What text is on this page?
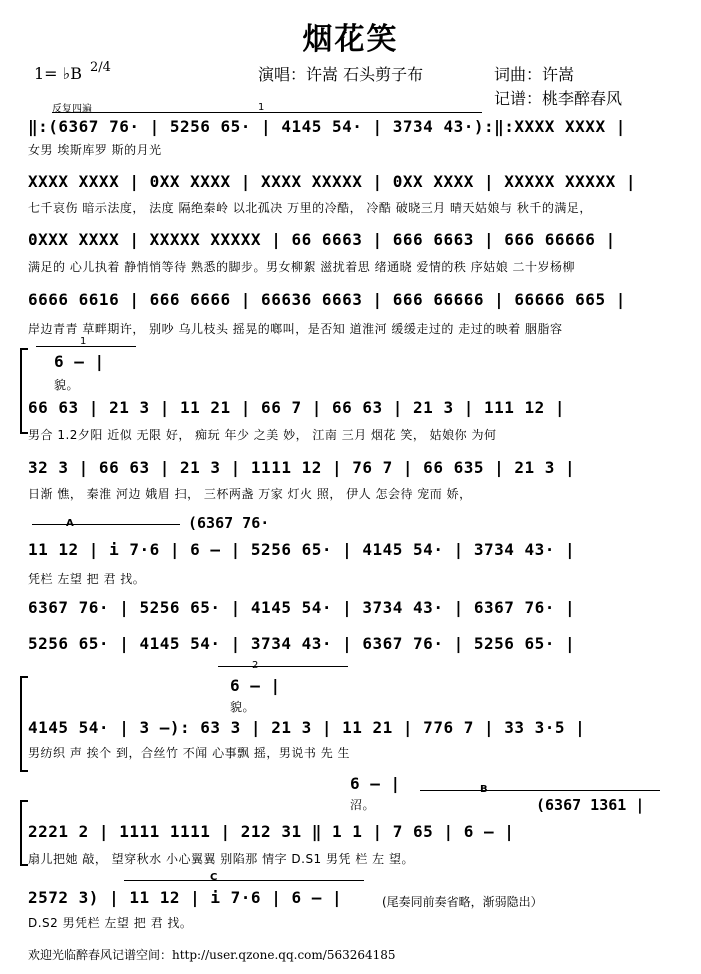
烟花笑
1= ♭B 2/4	演唱：许嵩 石头剪子布	词曲：许嵩
记谱：桃李醉春风
反复四遍	1
‖:(6367 76· | 5256 65· | 4145 54· | 3734 43·):‖:XXXX XXXX |
女男 埃斯库罗 斯的月光
XXXX XXXX | 0XX XXXX | XXXX XXXXX | 0XX XXXX | XXXXX XXXXX |
七千哀伤 暗示法度， 法度 隔绝秦岭 以北孤决 万里的冷酷， 冷酷 破晓三月 晴天姑娘与 秋千的满足，
0XXX XXXX | XXXXX XXXXX | 66 6663 | 666 6663 | 666 66666 |
满足的 心儿执着 静悄悄等待 熟悉的脚步。男女柳絮 滋扰着思 绪通晓 爱情的秩 序姑娘 二十岁杨柳
6666 6616 | 666 6666 | 66636 6663 | 666 66666 | 66666 665 |
岸边青青 草畔期许， 别吵 乌儿枝头 摇晃的啷叫，是否知 道淮河 缓缓走过的 走过的映着 胭脂容
1
6 – |
貌。
66 63 | 21 3 | 11 21 | 66 7 | 66 63 | 21 3 | 111 12 |
男合 1.2夕阳 近似 无限 好， 痴玩 年少 之美 妙， 江南 三月 烟花 笑， 姑娘你 为何
32 3 | 66 63 | 21 3 | 1111 12 | 76 7 | 66 635 | 21 3 |
日渐 憔， 秦淮 河边 娥眉 扫， 三杯两盏 万家 灯火 照， 伊人 怎会待 宠而 娇，
A	(6367 76·
11 12 | i 7·6 | 6 – | 5256 65· | 4145 54· | 3734 43· |
凭栏 左望 把 君 找。
6367 76· | 5256 65· | 4145 54· | 3734 43· | 6367 76· |
5256 65· | 4145 54· | 3734 43· | 6367 76· | 5256 65· |
2
6 – |
貌。
4145 54· | 3 –): 63 3 | 21 3 | 11 21 | 776 7 | 33 3·5 |
男纺织 声 挨个 到，合丝竹 不闻 心事飘 摇，男说书 先 生
6 – |
沼。
B
(6367 1361 |
2221 2 | 1111 1111 | 212 31 ‖ 1 1 | 7 65 | 6 – |
扇儿把她 敲， 望穿秋水 小心翼翼 别陷那 情字 D.S1 男凭 栏 左 望。
C
2572 3) | 11 12 | i 7·6 | 6 – |	(尾奏同前奏省略，渐弱隐出）
D.S2 男凭栏 左望 把 君 找。
欢迎光临醉春风记谱空间：http://user.qzone.qq.com/563264185
